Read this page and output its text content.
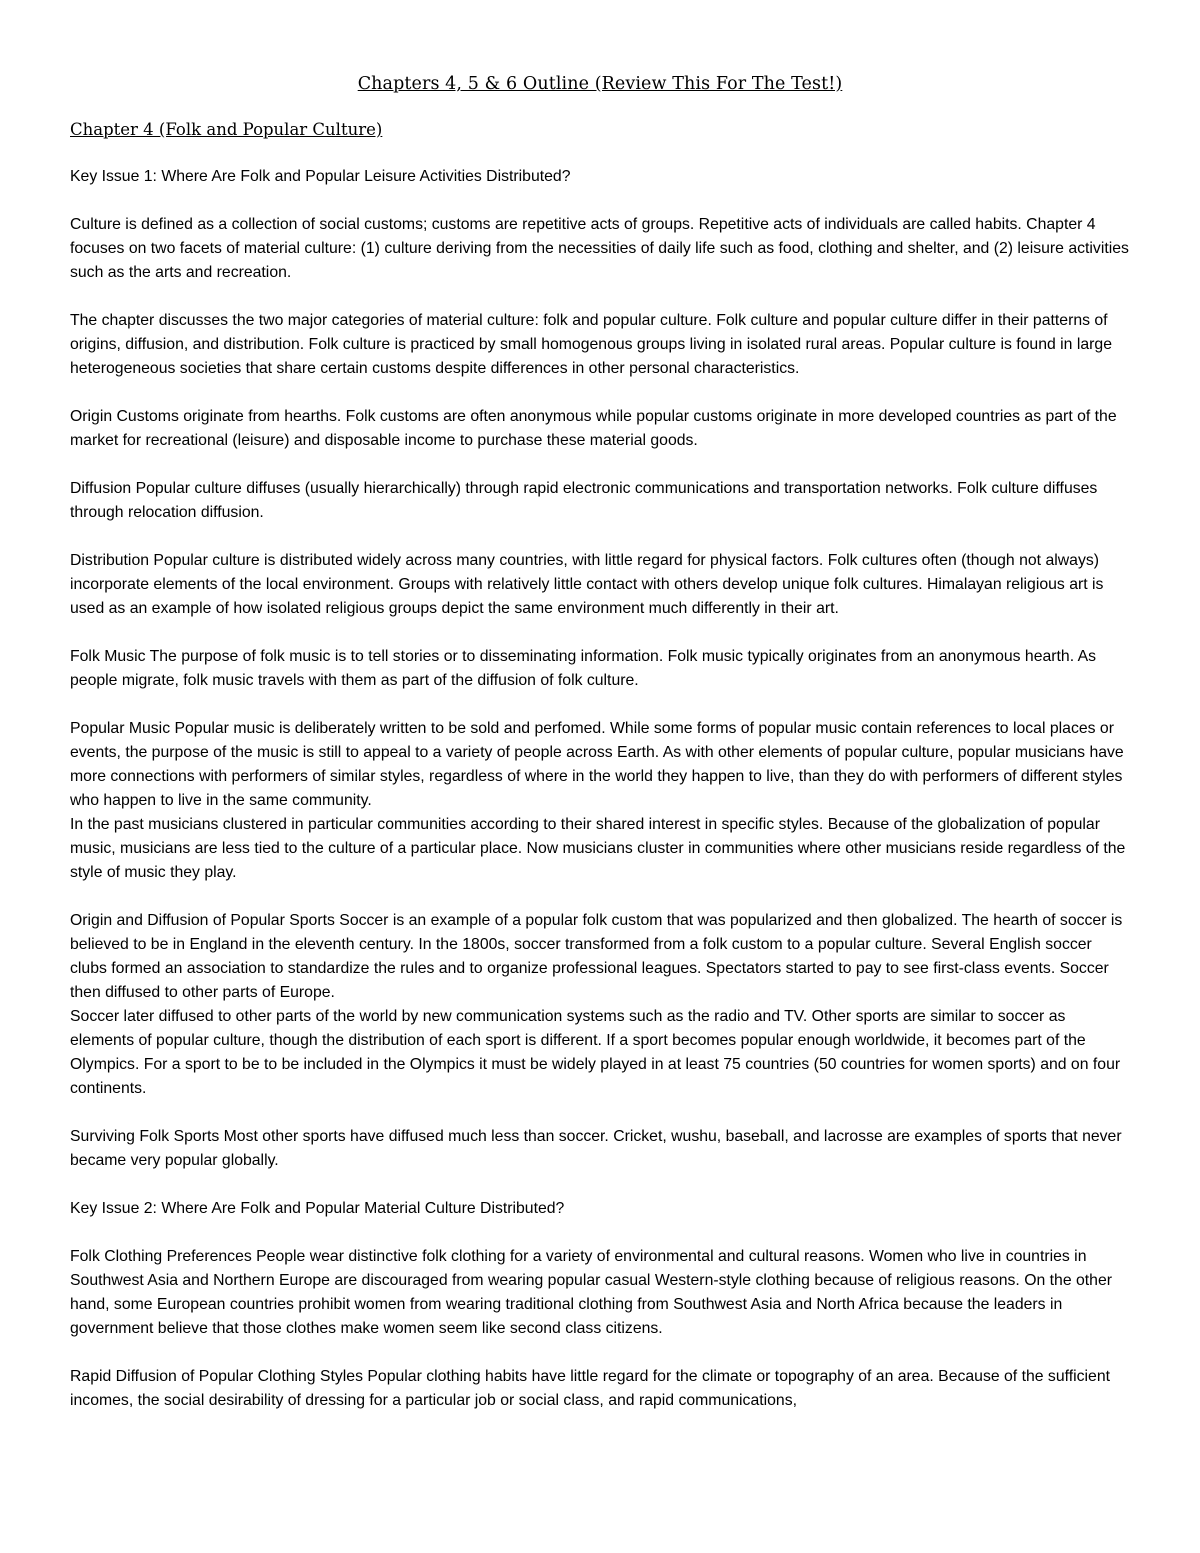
Chapters 4, 5 & 6 Outline (Review This For The Test!)
Chapter 4 (Folk and Popular Culture)

Key Issue 1: Where Are Folk and Popular Leisure Activities Distributed?

Culture is defined as a collection of social customs; customs are repetitive acts of groups. Repetitive acts of individuals are called habits. Chapter 4 focuses on two facets of material culture: (1) culture deriving from the necessities of daily life such as food, clothing and shelter, and (2) leisure activities such as the arts and recreation.

The chapter discusses the two major categories of material culture: folk and popular culture. Folk culture and popular culture differ in their patterns of origins, diffusion, and distribution. Folk culture is practiced by small homogenous groups living in isolated rural areas. Popular culture is found in large heterogeneous societies that share certain customs despite differences in other personal characteristics.

Origin Customs originate from hearths. Folk customs are often anonymous while popular customs originate in more developed countries as part of the market for recreational (leisure) and disposable income to purchase these material goods.

Diffusion Popular culture diffuses (usually hierarchically) through rapid electronic communications and transportation networks. Folk culture diffuses through relocation diffusion.

Distribution Popular culture is distributed widely across many countries, with little regard for physical factors. Folk cultures often (though not always) incorporate elements of the local environment. Groups with relatively little contact with others develop unique folk cultures. Himalayan religious art is used as an example of how isolated religious groups depict the same environment much differently in their art.

Folk Music The purpose of folk music is to tell stories or to disseminating information. Folk music typically originates from an anonymous hearth. As people migrate, folk music travels with them as part of the diffusion of folk culture.

Popular Music Popular music is deliberately written to be sold and perfomed. While some forms of popular music contain references to local places or events, the purpose of the music is still to appeal to a variety of people across Earth. As with other elements of popular culture, popular musicians have more connections with performers of similar styles, regardless of where in the world they happen to live, than they do with performers of different styles who happen to live in the same community.

In the past musicians clustered in particular communities according to their shared interest in specific styles. Because of the globalization of popular music, musicians are less tied to the culture of a particular place. Now musicians cluster in communities where other musicians reside regardless of the style of music they play.

Origin and Diffusion of Popular Sports Soccer is an example of a popular folk custom that was popularized and then globalized. The hearth of soccer is believed to be in England in the eleventh century. In the 1800s, soccer transformed from a folk custom to a popular culture. Several English soccer clubs formed an association to standardize the rules and to organize professional leagues. Spectators started to pay to see first-class events. Soccer then diffused to other parts of Europe.

Soccer later diffused to other parts of the world by new communication systems such as the radio and TV. Other sports are similar to soccer as elements of popular culture, though the distribution of each sport is different. If a sport becomes popular enough worldwide, it becomes part of the Olympics. For a sport to be to be included in the Olympics it must be widely played in at least 75 countries (50 countries for women sports) and on four continents.

Surviving Folk Sports Most other sports have diffused much less than soccer. Cricket, wushu, baseball, and lacrosse are examples of sports that never became very popular globally.

Key Issue 2: Where Are Folk and Popular Material Culture Distributed?

Folk Clothing Preferences People wear distinctive folk clothing for a variety of environmental and cultural reasons. Women who live in countries in Southwest Asia and Northern Europe are discouraged from wearing popular casual Western-style clothing because of religious reasons. On the other hand, some European countries prohibit women from wearing traditional clothing from Southwest Asia and North Africa because the leaders in government believe that those clothes make women seem like second class citizens.

Rapid Diffusion of Popular Clothing Styles Popular clothing habits have little regard for the climate or topography of an area. Because of the sufficient incomes, the social desirability of dressing for a particular job or social class, and rapid communications,
